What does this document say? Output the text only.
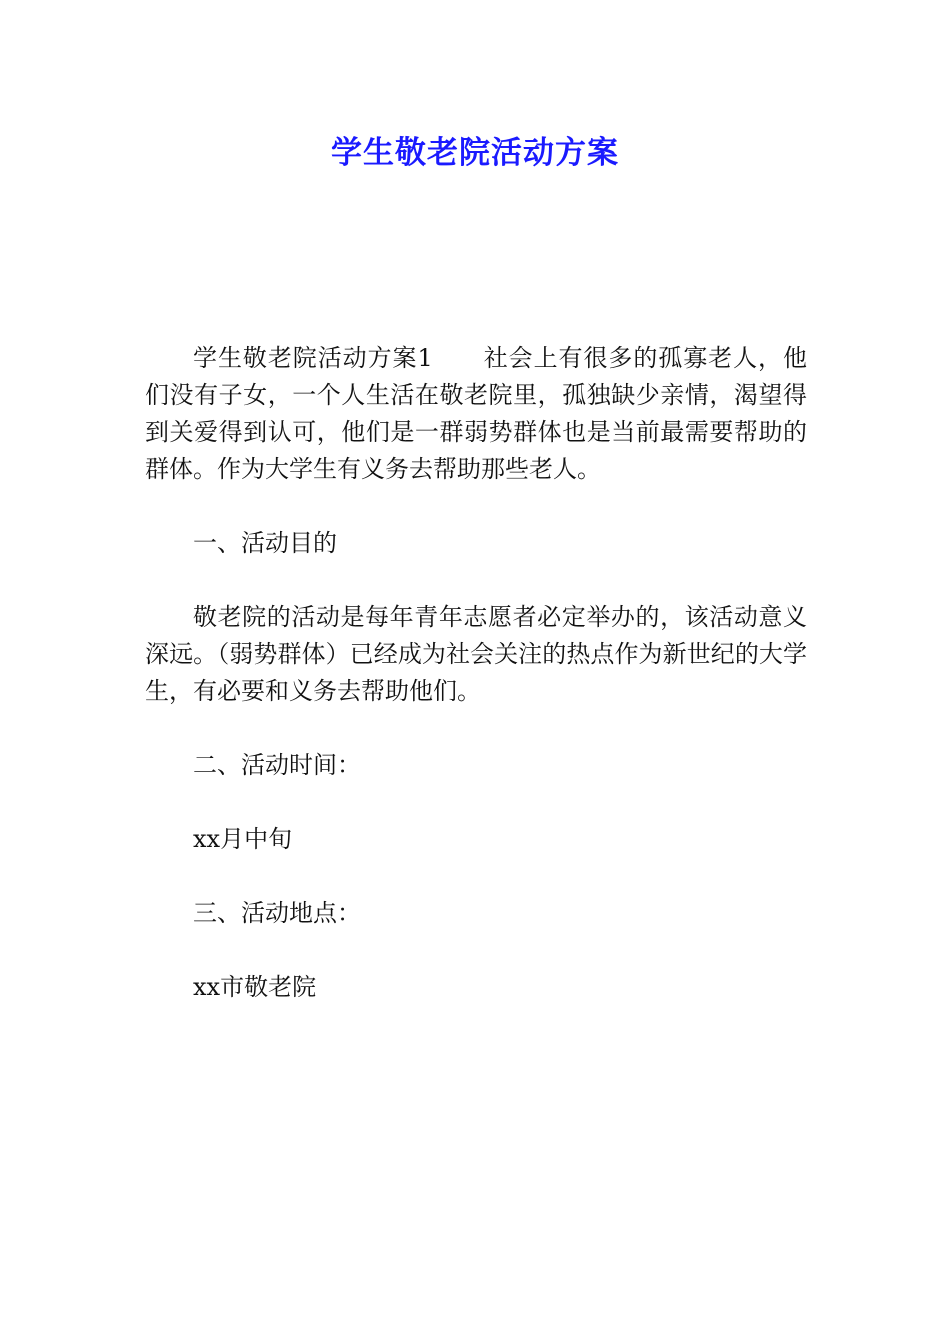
学生敬老院活动方案

学生敬老院活动方案1 社会上有很多的孤寡老人，他们没有子女，一个人生活在敬老院里，孤独缺少亲情，渴望得到关爱得到认可，他们是一群弱势群体也是当前最需要帮助的群体。作为大学生有义务去帮助那些老人。

一、活动目的

敬老院的活动是每年青年志愿者必定举办的，该活动意义深远。（弱势群体）已经成为社会关注的热点作为新世纪的大学生，有必要和义务去帮助他们。

二、活动时间：

xx月中旬

三、活动地点：

xx市敬老院
